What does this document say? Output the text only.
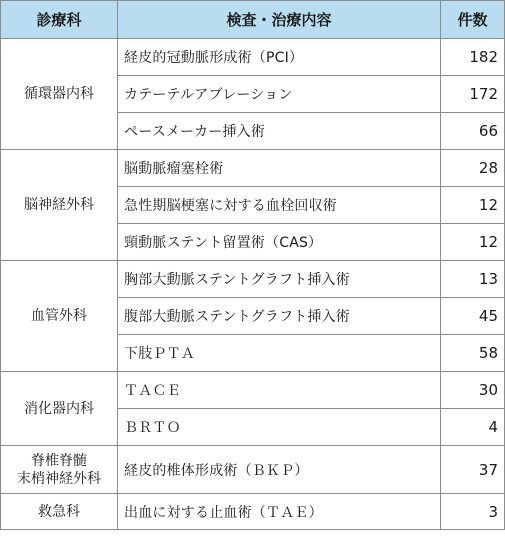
診療科	検査・治療内容	件数
循環器内科	経皮的冠動脈形成術（PCI）	182
	カテーテルアブレーション	172
	ペースメーカー挿入術	66
脳神経外科	脳動脈瘤塞栓術	28
	急性期脳梗塞に対する血栓回収術	12
	頸動脈ステント留置術（CAS）	12
血管外科	胸部大動脈ステントグラフト挿入術	13
	腹部大動脈ステントグラフト挿入術	45
	下肢ＰＴＡ	58
消化器内科	ＴＡＣＥ	30
	ＢＲＴＯ	4

脊椎脊髄
末梢神経外科	経皮的椎体形成術（ＢＫＰ）	37
救急科	出血に対する止血術（ＴＡＥ）	3
